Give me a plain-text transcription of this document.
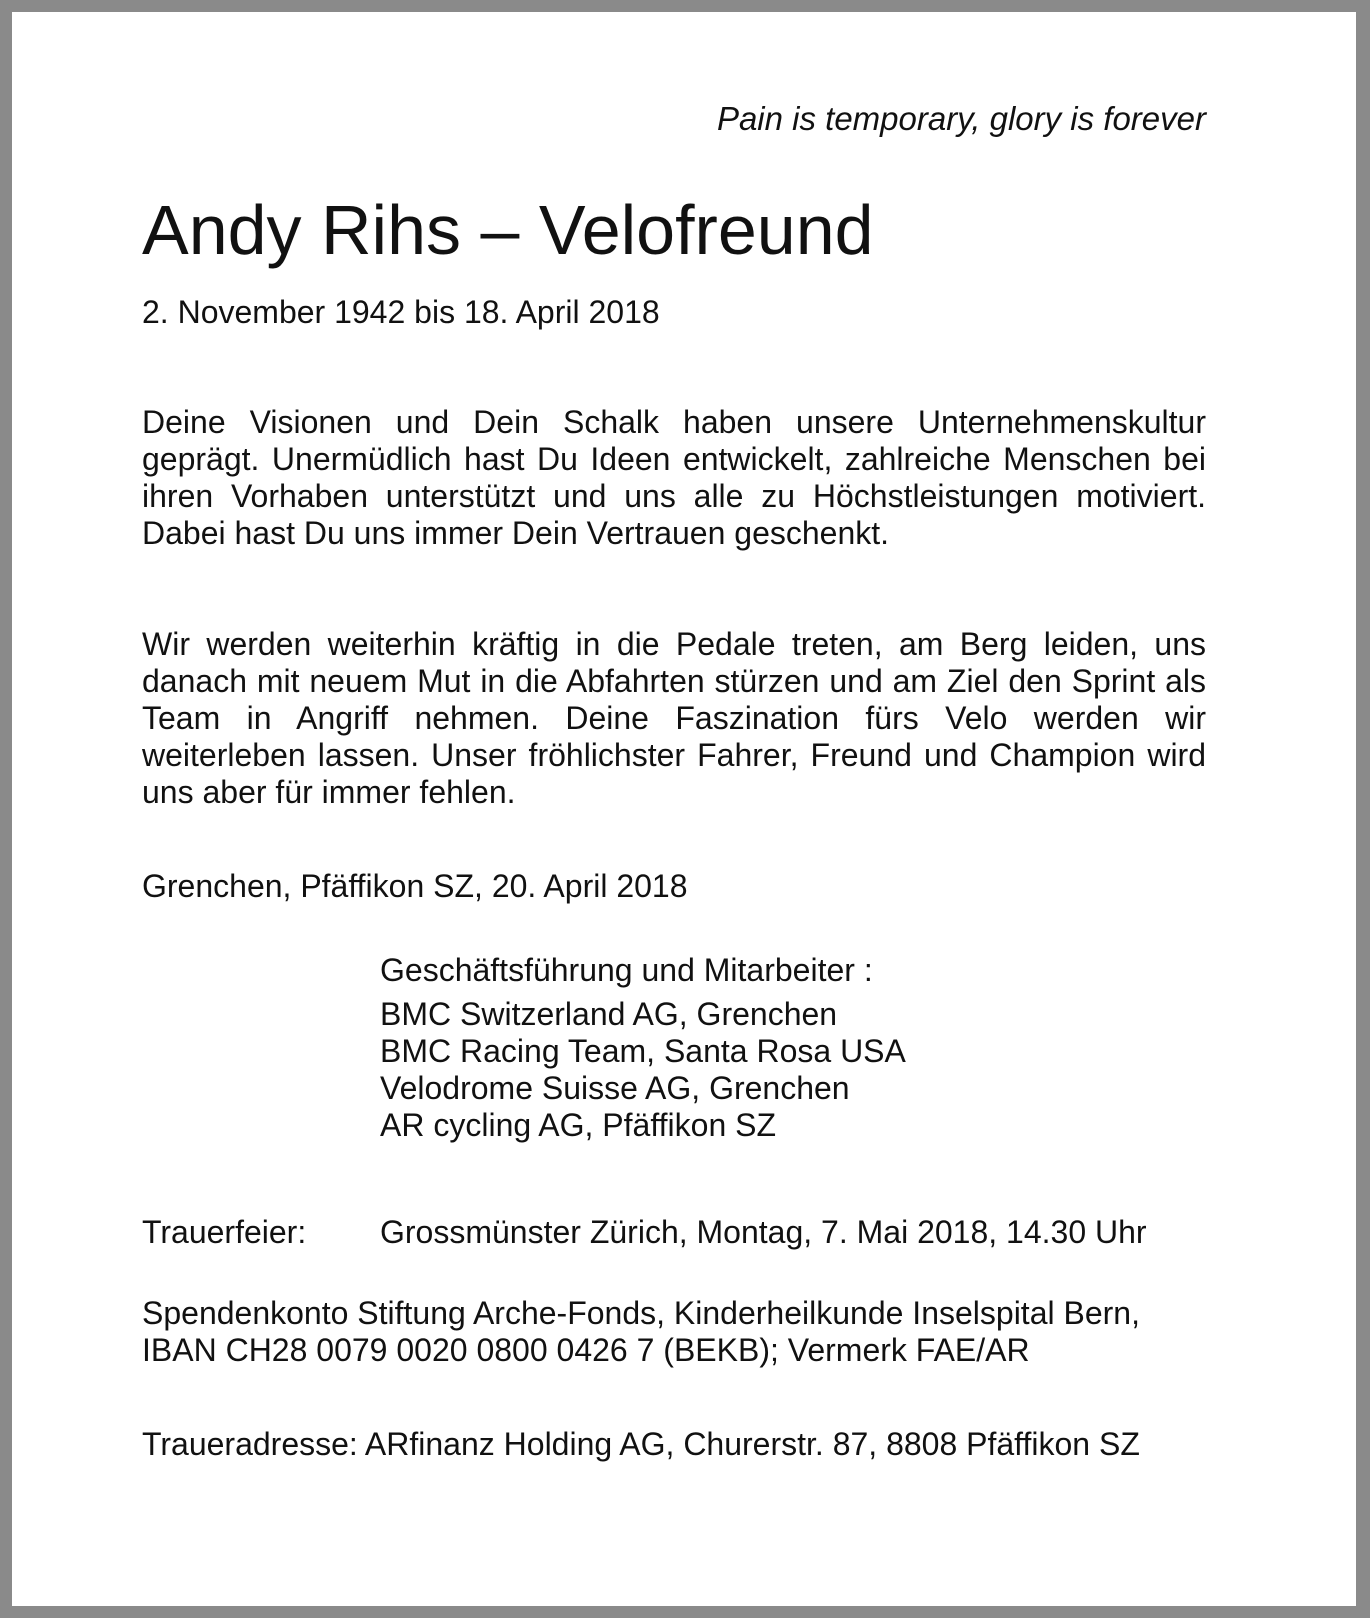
Pain is temporary, glory is forever
Andy Rihs – Velofreund
2. November 1942 bis 18. April 2018
Deine Visionen und Dein Schalk haben unsere Unternehmenskultur geprägt. Unermüdlich hast Du Ideen entwickelt, zahlreiche Menschen bei ihren Vorhaben unterstützt und uns alle zu Höchstleistungen motiviert. Dabei hast Du uns immer Dein Vertrauen geschenkt.
Wir werden weiterhin kräftig in die Pedale treten, am Berg leiden, uns danach mit neuem Mut in die Abfahrten stürzen und am Ziel den Sprint als Team in Angriff nehmen. Deine Faszination fürs Velo werden wir weiterleben lassen. Unser fröhlichster Fahrer, Freund und Champion wird uns aber für immer fehlen.
Grenchen, Pfäffikon SZ, 20. April 2018
Geschäftsführung und Mitarbeiter :
BMC Switzerland AG, Grenchen
BMC Racing Team, Santa Rosa USA
Velodrome Suisse AG, Grenchen
AR cycling AG, Pfäffikon SZ
Trauerfeier: Grossmünster Zürich, Montag, 7. Mai 2018, 14.30 Uhr
Spendenkonto Stiftung Arche-Fonds, Kinderheilkunde Inselspital Bern,
IBAN CH28 0079 0020 0800 0426 7 (BEKB); Vermerk FAE/AR
Traueradresse: ARfinanz Holding AG, Churerstr. 87, 8808 Pfäffikon SZ
